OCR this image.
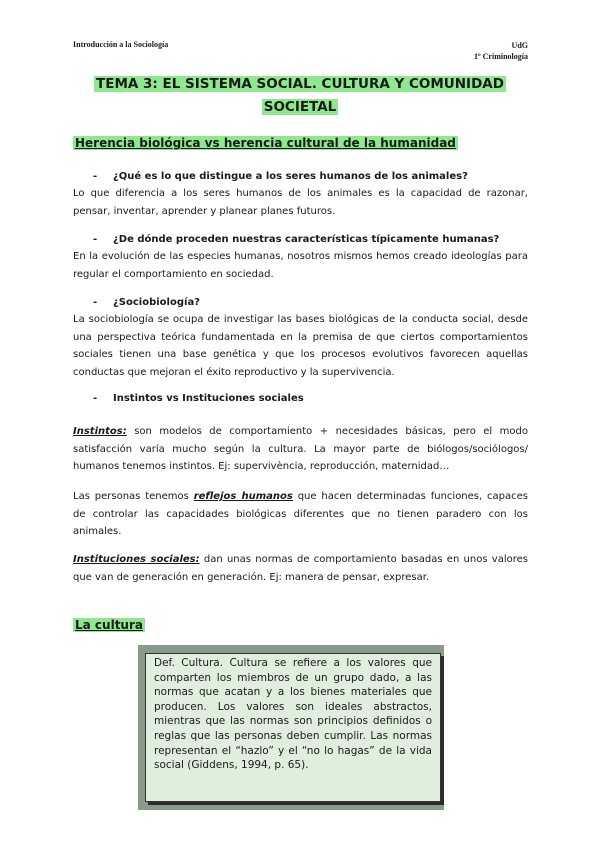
Introducción a la Sociología	UdG
1º Criminología
TEMA 3: EL SISTEMA SOCIAL. CULTURA Y COMUNIDAD
SOCIETAL
Herencia biológica vs herencia cultural de la humanidad
- ¿Qué es lo que distingue a los seres humanos de los animales?
Lo que diferencia a los seres humanos de los animales es la capacidad de razonar, pensar, inventar, aprender y planear planes futuros.
- ¿De dónde proceden nuestras características típicamente humanas?
En la evolución de las especies humanas, nosotros mismos hemos creado ideologías para regular el comportamiento en sociedad.
- ¿Sociobiología?
La sociobiología se ocupa de investigar las bases biológicas de la conducta social, desde una perspectiva teórica fundamentada en la premisa de que ciertos comportamientos sociales tienen una base genética y que los procesos evolutivos favorecen aquellas conductas que mejoran el éxito reproductivo y la supervivencia.
- Instintos vs Instituciones sociales
Instintos: son modelos de comportamiento + necesidades básicas, pero el modo satisfacción varía mucho según la cultura. La mayor parte de biólogos/sociólogos/ humanos tenemos instintos. Ej: supervivència, reproducción, maternidad…
Las personas tenemos reflejos humanos que hacen determinadas funciones, capaces de controlar las capacidades biológicas diferentes que no tienen paradero con los animales.
Instituciones sociales: dan unas normas de comportamiento basadas en unos valores que van de generación en generación. Ej: manera de pensar, expresar.
La cultura
Def. Cultura. Cultura se refiere a los valores que comparten los miembros de un grupo dado, a las normas que acatan y a los bienes materiales que producen. Los valores son ideales abstractos, mientras que las normas son principios definidos o reglas que las personas deben cumplir. Las normas representan el “hazlo” y el “no lo hagas” de la vida social (Giddens, 1994, p. 65).
